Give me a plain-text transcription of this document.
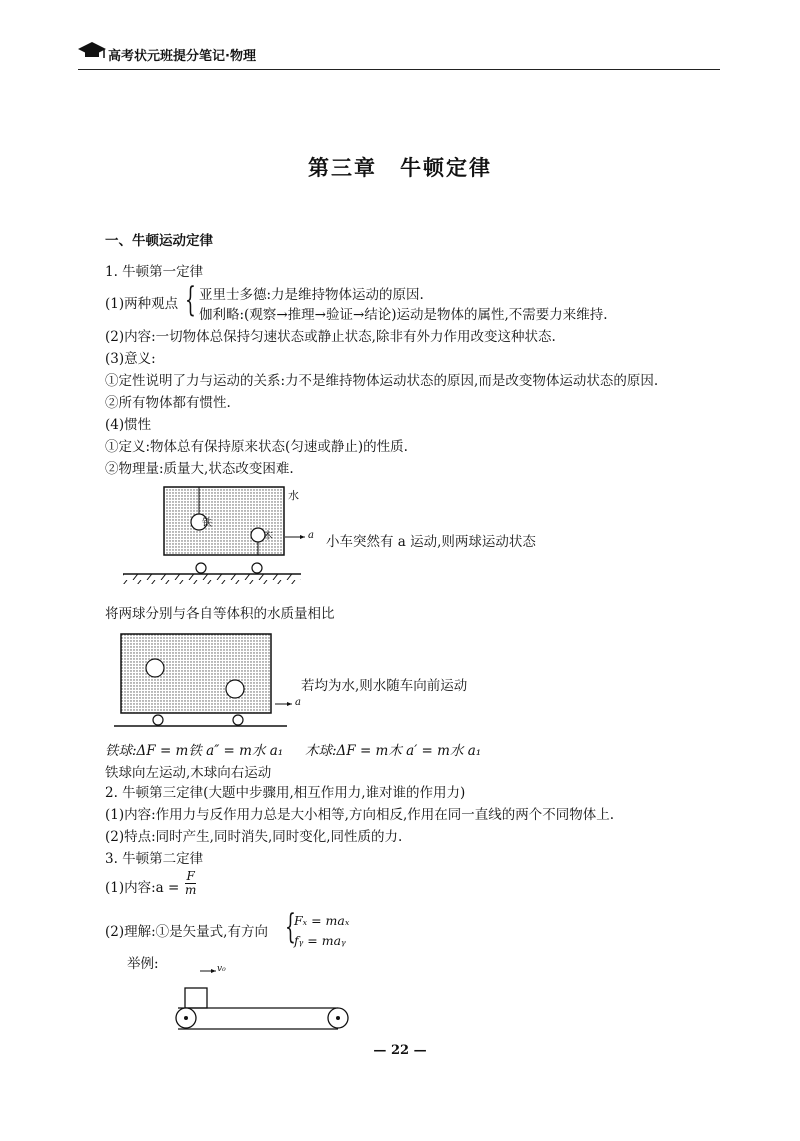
高考状元班提分笔记·物理
第三章　牛顿定律
一、牛顿运动定律
1. 牛顿第一定律
(1)两种观点 { 亚里士多德:力是维持物体运动的原因.
伽利略:(观察→推理→验证→结论)运动是物体的属性,不需要力来维持.
(2)内容:一切物体总保持匀速状态或静止状态,除非有外力作用改变这种状态.
(3)意义:
①定性说明了力与运动的关系:力不是维持物体运动状态的原因,而是改变物体运动状态的原因.
②所有物体都有惯性.
(4)惯性
①定义:物体总有保持原来状态(匀速或静止)的性质.
②物理量:质量大,状态改变困难.
水
铁
木	a 小车突然有 a 运动,则两球运动状态
将两球分别与各自等体积的水质量相比
a
若均为水,则水随车向前运动
铁球:ΔF = m铁 a″ = m水 a₁ 木球:ΔF = m木 a′ = m水 a₁
铁球向左运动,木球向右运动
2. 牛顿第三定律(大题中步骤用,相互作用力,谁对谁的作用力)
(1)内容:作用力与反作用力总是大小相等,方向相反,作用在同一直线的两个不同物体上.
(2)特点:同时产生,同时消失,同时变化,同性质的力.
3. 牛顿第二定律
(1)内容:a = $\frac{F}{m}$
(2)理解:①是矢量式,有方向 {
Fₓ = maₓ
fᵧ = maᵧ
举例:	v₀
— 22 —
